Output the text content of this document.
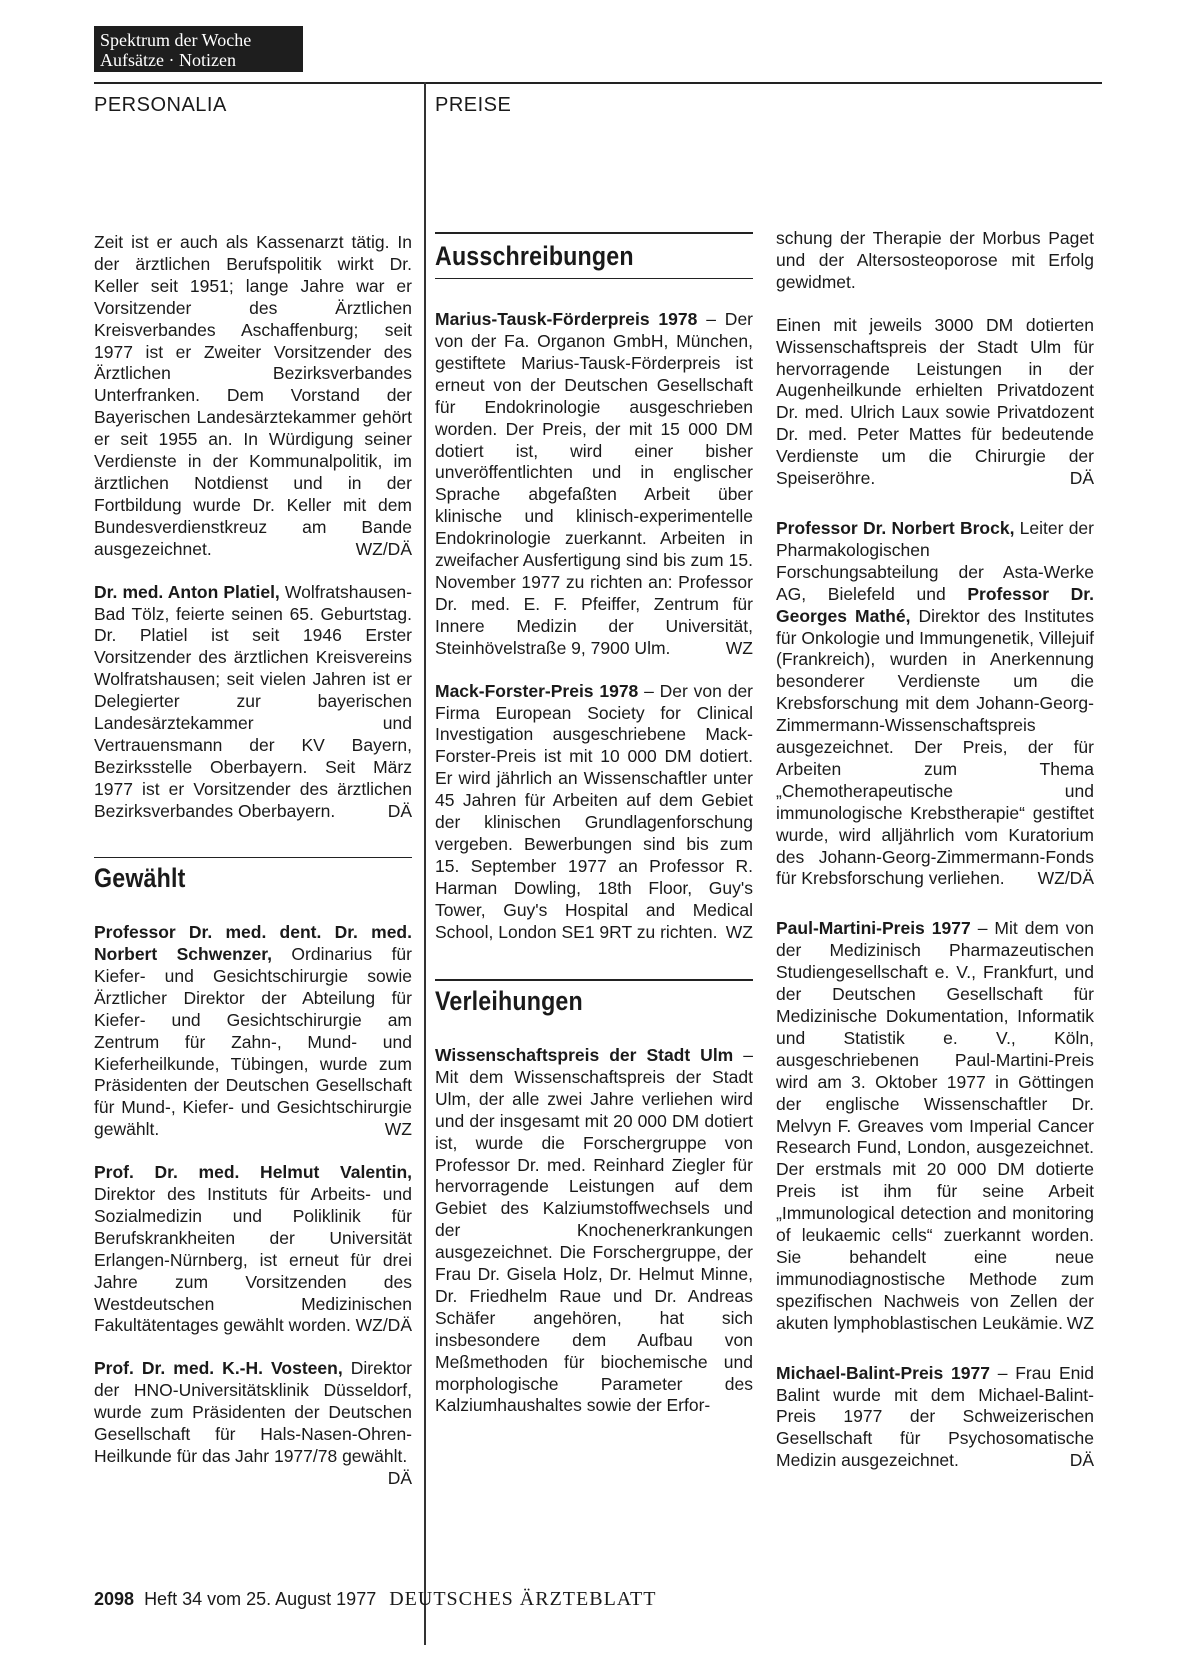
Spektrum der Woche
Aufsätze · Notizen
PERSONALIA	PREISE

Zeit ist er auch als Kassenarzt tätig. In der ärztlichen Berufspolitik wirkt Dr. Keller seit 1951; lange Jahre war er Vorsitzender des Ärztlichen Kreisverbandes Aschaffenburg; seit 1977 ist er Zweiter Vorsitzender des Ärztlichen Bezirksverbandes Unterfranken. Dem Vorstand der Bayerischen Landesärztekammer gehört er seit 1955 an. In Würdigung seiner Verdienste in der Kommunalpolitik, im ärztlichen Notdienst und in der Fortbildung wurde Dr. Keller mit dem Bundesverdienstkreuz am Bande ausgezeichnet.	WZ/DÄ

Dr. med. Anton Platiel, Wolfratshausen-Bad Tölz, feierte seinen 65. Geburtstag. Dr. Platiel ist seit 1946 Erster Vorsitzender des ärztlichen Kreisvereins Wolfratshausen; seit vielen Jahren ist er Delegierter zur bayerischen Landesärztekammer und Vertrauensmann der KV Bayern, Bezirksstelle Oberbayern. Seit März 1977 ist er Vorsitzender des ärztlichen Bezirksverbandes Oberbayern.	DÄ

Gewählt

Professor Dr. med. dent. Dr. med. Norbert Schwenzer, Ordinarius für Kiefer- und Gesichtschirurgie sowie Ärztlicher Direktor der Abteilung für Kiefer- und Gesichtschirurgie am Zentrum für Zahn-, Mund- und Kieferheilkunde, Tübingen, wurde zum Präsidenten der Deutschen Gesellschaft für Mund-, Kiefer- und Gesichtschirurgie gewählt.	WZ

Prof. Dr. med. Helmut Valentin, Direktor des Instituts für Arbeits- und Sozialmedizin und Poliklinik für Berufskrankheiten der Universität Erlangen-Nürnberg, ist erneut für drei Jahre zum Vorsitzenden des Westdeutschen Medizinischen Fakultätentages gewählt worden. WZ/DÄ

Prof. Dr. med. K.-H. Vosteen, Direktor der HNO-Universitätsklinik Düsseldorf, wurde zum Präsidenten der Deutschen Gesellschaft für Hals-Nasen-Ohren-Heilkunde für das Jahr 1977/78 gewählt.
DÄ

Ausschreibungen

Marius-Tausk-Förderpreis 1978 – Der von der Fa. Organon GmbH, München, gestiftete Marius-Tausk-Förderpreis ist erneut von der Deutschen Gesellschaft für Endokrinologie ausgeschrieben worden. Der Preis, der mit 15 000 DM dotiert ist, wird einer bisher unveröffentlichten und in englischer Sprache abgefaßten Arbeit über klinische und klinisch-experimentelle Endokrinologie zuerkannt. Arbeiten in zweifacher Ausfertigung sind bis zum 15. November 1977 zu richten an: Professor Dr. med. E. F. Pfeiffer, Zentrum für Innere Medizin der Universität, Steinhövelstraße 9, 7900 Ulm.	WZ

Mack-Forster-Preis 1978 – Der von der Firma European Society for Clinical Investigation ausgeschriebene Mack-Forster-Preis ist mit 10 000 DM dotiert. Er wird jährlich an Wissenschaftler unter 45 Jahren für Arbeiten auf dem Gebiet der klinischen Grundlagenforschung vergeben. Bewerbungen sind bis zum 15. September 1977 an Professor R. Harman Dowling, 18th Floor, Guy's Tower, Guy's Hospital and Medical School, London SE1 9RT zu richten. WZ

Verleihungen

Wissenschaftspreis der Stadt Ulm – Mit dem Wissenschaftspreis der Stadt Ulm, der alle zwei Jahre verliehen wird und der insgesamt mit 20 000 DM dotiert ist, wurde die Forschergruppe von Professor Dr. med. Reinhard Ziegler für hervorragende Leistungen auf dem Gebiet des Kalziumstoffwechsels und der Knochenerkrankungen ausgezeichnet. Die Forschergruppe, der Frau Dr. Gisela Holz, Dr. Helmut Minne, Dr. Friedhelm Raue und Dr. Andreas Schäfer angehören, hat sich insbesondere dem Aufbau von Meßmethoden für biochemische und morphologische Parameter des Kalziumhaushaltes sowie der Erfor-

schung der Therapie der Morbus Paget und der Altersosteoporose mit Erfolg gewidmet.

Einen mit jeweils 3000 DM dotierten Wissenschaftspreis der Stadt Ulm für hervorragende Leistungen in der Augenheilkunde erhielten Privatdozent Dr. med. Ulrich Laux sowie Privatdozent Dr. med. Peter Mattes für bedeutende Verdienste um die Chirurgie der Speiseröhre.	DÄ

Professor Dr. Norbert Brock, Leiter der Pharmakologischen Forschungsabteilung der Asta-Werke AG, Bielefeld und Professor Dr. Georges Mathé, Direktor des Institutes für Onkologie und Immungenetik, Villejuif (Frankreich), wurden in Anerkennung besonderer Verdienste um die Krebsforschung mit dem Johann-Georg-Zimmermann-Wissenschaftspreis ausgezeichnet. Der Preis, der für Arbeiten zum Thema „Chemotherapeutische und immunologische Krebstherapie“ gestiftet wurde, wird alljährlich vom Kuratorium des Johann-Georg-Zimmermann-Fonds für Krebsforschung verliehen. WZ/DÄ

Paul-Martini-Preis 1977 – Mit dem von der Medizinisch Pharmazeutischen Studiengesellschaft e. V., Frankfurt, und der Deutschen Gesellschaft für Medizinische Dokumentation, Informatik und Statistik e. V., Köln, ausgeschriebenen Paul-Martini-Preis wird am 3. Oktober 1977 in Göttingen der englische Wissenschaftler Dr. Melvyn F. Greaves vom Imperial Cancer Research Fund, London, ausgezeichnet. Der erstmals mit 20 000 DM dotierte Preis ist ihm für seine Arbeit „Immunological detection and monitoring of leukaemic cells“ zuerkannt worden. Sie behandelt eine neue immunodiagnostische Methode zum spezifischen Nachweis von Zellen der akuten lymphoblastischen Leukämie. WZ

Michael-Balint-Preis 1977 – Frau Enid Balint wurde mit dem Michael-Balint-Preis 1977 der Schweizerischen Gesellschaft für Psychosomatische Medizin ausgezeichnet.	DÄ

2098 Heft 34 vom 25. August 1977 DEUTSCHES ÄRZTEBLATT
